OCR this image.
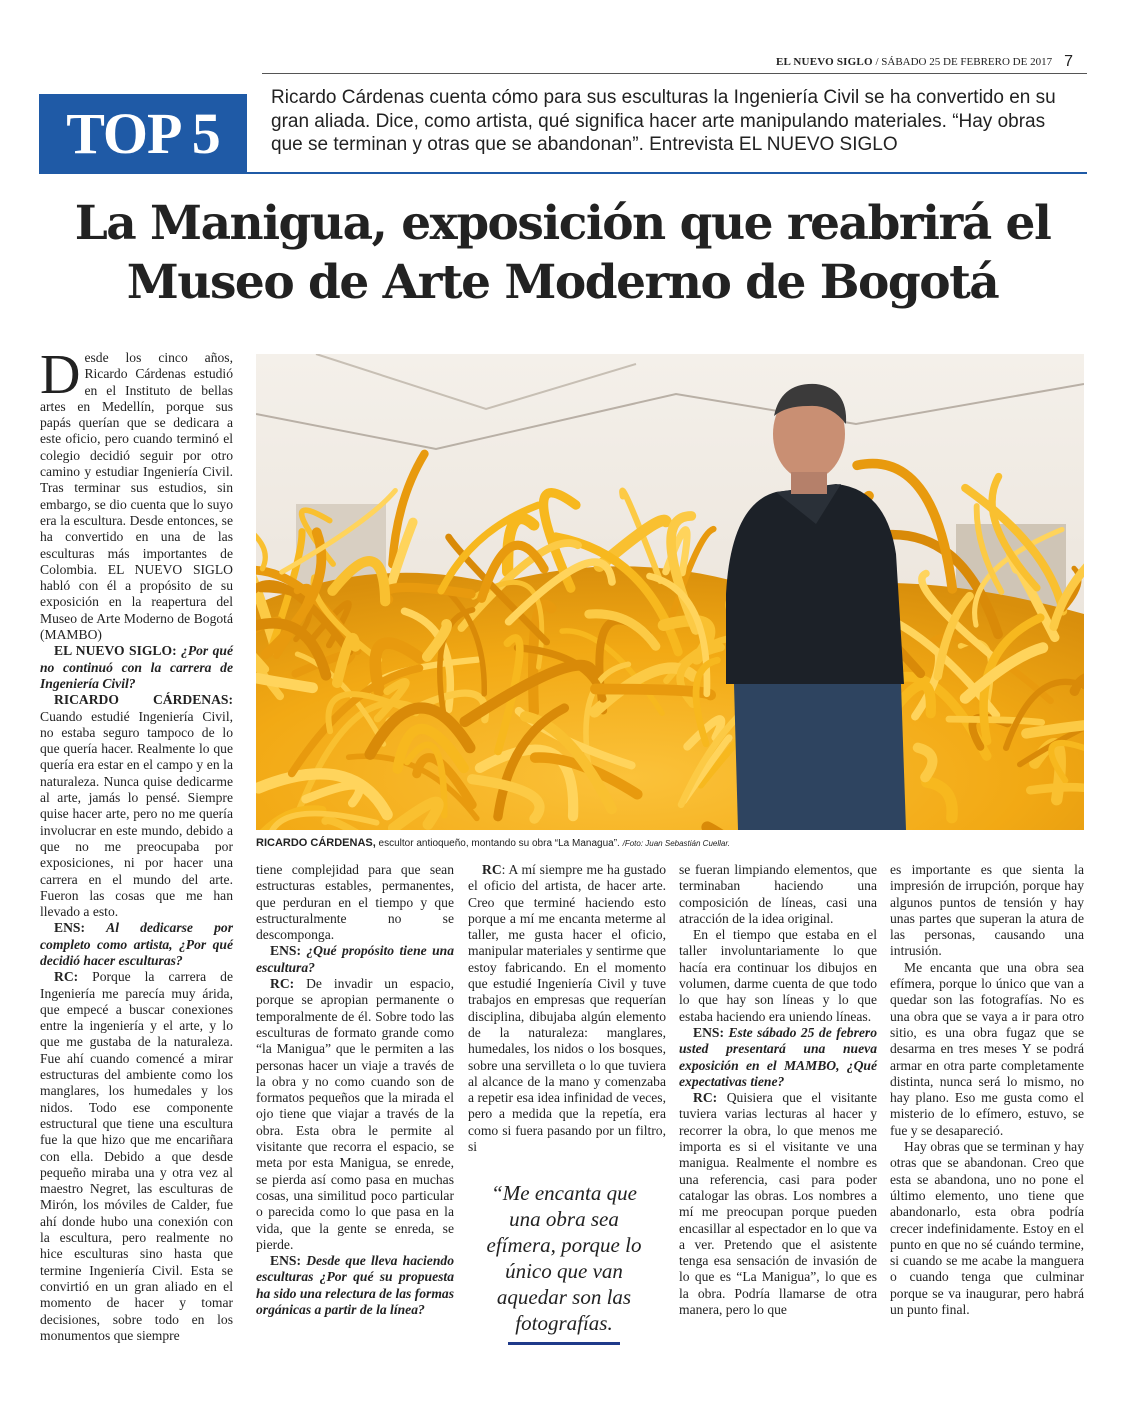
EL NUEVO SIGLO / SÁBADO 25 DE FEBRERO DE 2017 7
TOP 5
Ricardo Cárdenas cuenta cómo para sus esculturas la Ingeniería Civil se ha convertido en su gran aliada. Dice, como artista, qué significa hacer arte manipulando materiales. “Hay obras que se terminan y otras que se abandonan”. Entrevista EL NUEVO SIGLO
La Manigua, exposición que reabrirá el Museo de Arte Moderno de Bogotá
RICARDO CÁRDENAS, escultor antioqueño, montando su obra “La Managua”. /Foto: Juan Sebastián Cuellar.

Desde los cinco años, Ricardo Cárdenas estudió en el Instituto de bellas artes en Medellín, porque sus papás querían que se dedicara a este oficio, pero cuando terminó el colegio decidió seguir por otro camino y estudiar Ingeniería Civil. Tras terminar sus estudios, sin embargo, se dio cuenta que lo suyo era la escultura. Desde entonces, se ha convertido en una de las esculturas más importantes de Colombia. EL NUEVO SIGLO habló con él a propósito de su exposición en la reapertura del Museo de Arte Moderno de Bogotá (MAMBO)

EL NUEVO SIGLO: ¿Por qué no continuó con la carrera de Ingeniería Civil?

RICARDO CÁRDENAS: Cuando estudié Ingeniería Civil, no estaba seguro tampoco de lo que quería hacer. Realmente lo que quería era estar en el campo y en la naturaleza. Nunca quise dedicarme al arte, jamás lo pensé. Siempre quise hacer arte, pero no me quería involucrar en este mundo, debido a que no me preocupaba por exposiciones, ni por hacer una carrera en el mundo del arte. Fueron las cosas que me han llevado a esto.

ENS: Al dedicarse por completo como artista, ¿Por qué decidió hacer esculturas?

RC: Porque la carrera de Ingeniería me parecía muy árida, que empecé a buscar conexiones entre la ingeniería y el arte, y lo que me gustaba de la naturaleza. Fue ahí cuando comencé a mirar estructuras del ambiente como los manglares, los humedales y los nidos. Todo ese componente estructural que tiene una escultura fue la que hizo que me encariñara con ella. Debido a que desde pequeño miraba una y otra vez al maestro Negret, las esculturas de Mirón, los móviles de Calder, fue ahí donde hubo una conexión con la escultura, pero realmente no hice esculturas sino hasta que termine Ingeniería Civil. Esta se convirtió en un gran aliado en el momento de hacer y tomar decisiones, sobre todo en los monumentos que siempre

tiene complejidad para que sean estructuras estables, permanentes, que perduran en el tiempo y que estructuralmente no se descomponga.

ENS: ¿Qué propósito tiene una escultura?

RC: De invadir un espacio, porque se apropian permanente o temporalmente de él. Sobre todo las esculturas de formato grande como “la Manigua” que le permiten a las personas hacer un viaje a través de la obra y no como cuando son de formatos pequeños que la mirada el ojo tiene que viajar a través de la obra. Esta obra le permite al visitante que recorra el espacio, se meta por esta Manigua, se enrede, se pierda así como pasa en muchas cosas, una similitud poco particular o parecida como lo que pasa en la vida, que la gente se enreda, se pierde.

ENS: Desde que lleva haciendo esculturas ¿Por qué su propuesta ha sido una relectura de las formas orgánicas a partir de la línea?

RC: A mí siempre me ha gustado el oficio del artista, de hacer arte. Creo que terminé haciendo esto porque a mí me encanta meterme al taller, me gusta hacer el oficio, manipular materiales y sentirme que estoy fabricando. En el momento que estudié Ingeniería Civil y tuve trabajos en empresas que requerían disciplina, dibujaba algún elemento de la naturaleza: manglares, humedales, los nidos o los bosques, sobre una servilleta o lo que tuviera al alcance de la mano y comenzaba a repetir esa idea infinidad de veces, pero a medida que la repetía, era como si fuera pasando por un filtro, si

“Me encanta que una obra sea efímera, porque lo único que van aquedar son las fotografías.

se fueran limpiando elementos, que terminaban haciendo una composición de líneas, casi una atracción de la idea original.

En el tiempo que estaba en el taller involuntariamente lo que hacía era continuar los dibujos en volumen, darme cuenta de que todo lo que hay son líneas y lo que estaba haciendo era uniendo líneas.

ENS: Este sábado 25 de febrero usted presentará una nueva exposición en el MAMBO, ¿Qué expectativas tiene?

RC: Quisiera que el visitante tuviera varias lecturas al hacer y recorrer la obra, lo que menos me importa es si el visitante ve una manigua. Realmente el nombre es una referencia, casi para poder catalogar las obras. Los nombres a mí me preocupan porque pueden encasillar al espectador en lo que va a ver. Pretendo que el asistente tenga esa sensación de invasión de lo que es “La Manigua”, lo que es la obra. Podría llamarse de otra manera, pero lo que

es importante es que sienta la impresión de irrupción, porque hay algunos puntos de tensión y hay unas partes que superan la atura de las personas, causando una intrusión.

Me encanta que una obra sea efímera, porque lo único que van a quedar son las fotografías. No es una obra que se vaya a ir para otro sitio, es una obra fugaz que se desarma en tres meses Y se podrá armar en otra parte completamente distinta, nunca será lo mismo, no hay plano. Eso me gusta como el misterio de lo efímero, estuvo, se fue y se desapareció.

Hay obras que se terminan y hay otras que se abandonan. Creo que esta se abandona, uno no pone el último elemento, uno tiene que abandonarlo, esta obra podría crecer indefinidamente. Estoy en el punto en que no sé cuándo termine, si cuando se me acabe la manguera o cuando tenga que culminar porque se va inaugurar, pero habrá un punto final.
